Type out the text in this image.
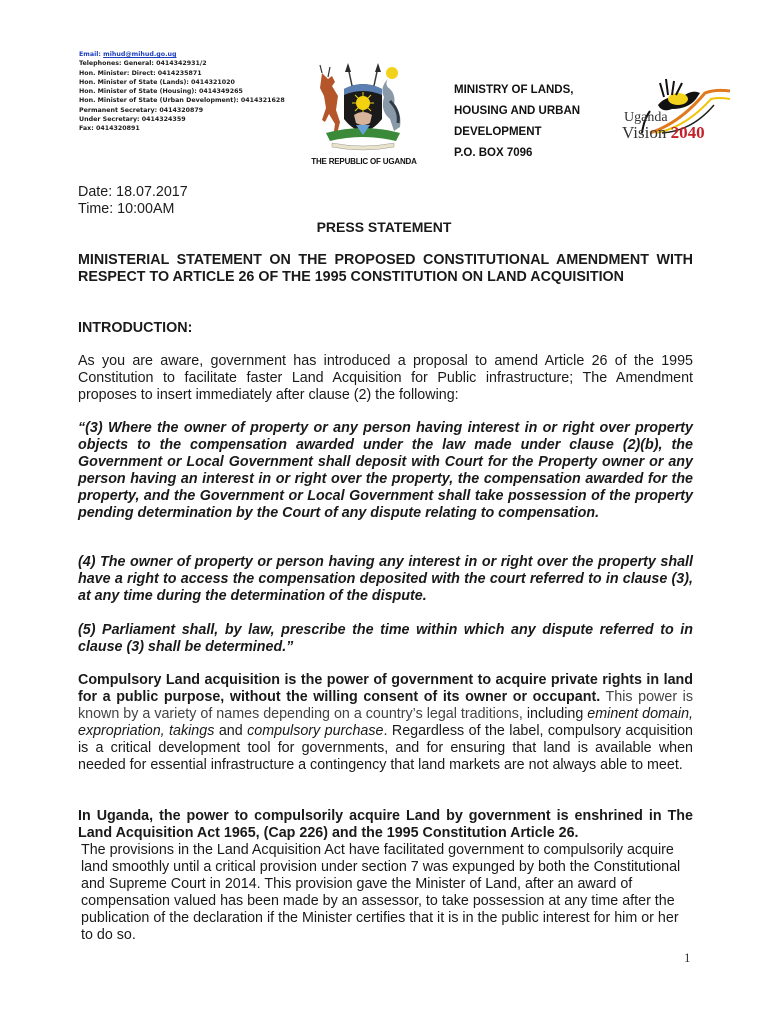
Email: mihud@mihud.go.ug
Telephones: General: 0414342931/2
Hon. Minister: Direct: 0414235871
Hon. Minister of State (Lands): 0414321020
Hon. Minister of State (Housing): 0414349265
Hon. Minister of State (Urban Development): 0414321628
Permanent Secretary: 0414320879
Under Secretary: 0414324359
Fax: 0414320891
THE REPUBLIC OF UGANDA
MINISTRY OF LANDS,
HOUSING AND URBAN
DEVELOPMENT
P.O. BOX 7096
Uganda
Vision 2040
Date: 18.07.2017
Time: 10:00AM
PRESS STATEMENT
MINISTERIAL STATEMENT ON THE PROPOSED CONSTITUTIONAL AMENDMENT WITH RESPECT TO ARTICLE 26 OF THE 1995 CONSTITUTION ON LAND ACQUISITION
INTRODUCTION:
As you are aware, government has introduced a proposal to amend Article 26 of the 1995 Constitution to facilitate faster Land Acquisition for Public infrastructure; The Amendment proposes to insert immediately after clause (2) the following:
“(3) Where the owner of property or any person having interest in or right over property objects to the compensation awarded under the law made under clause (2)(b), the Government or Local Government shall deposit with Court for the Property owner or any person having an interest in or right over the property, the compensation awarded for the property, and the Government or Local Government shall take possession of the property pending determination by the Court of any dispute relating to compensation.
(4) The owner of property or person having any interest in or right over the property shall have a right to access the compensation deposited with the court referred to in clause (3), at any time during the determination of the dispute.
(5) Parliament shall, by law, prescribe the time within which any dispute referred to in clause (3) shall be determined.”
Compulsory Land acquisition is the power of government to acquire private rights in land for a public purpose, without the willing consent of its owner or occupant. This power is known by a variety of names depending on a country’s legal traditions, including eminent domain, expropriation, takings and compulsory purchase. Regardless of the label, compulsory acquisition is a critical development tool for governments, and for ensuring that land is available when needed for essential infrastructure a contingency that land markets are not always able to meet.
In Uganda, the power to compulsorily acquire Land by government is enshrined in The Land Acquisition Act 1965, (Cap 226) and the 1995 Constitution Article 26.
The provisions in the Land Acquisition Act have facilitated government to compulsorily acquire land smoothly until a critical provision under section 7 was expunged by both the Constitutional and Supreme Court in 2014. This provision gave the Minister of Land, after an award of compensation valued has been made by an assessor, to take possession at any time after the publication of the declaration if the Minister certifies that it is in the public interest for him or her to do so.
1
